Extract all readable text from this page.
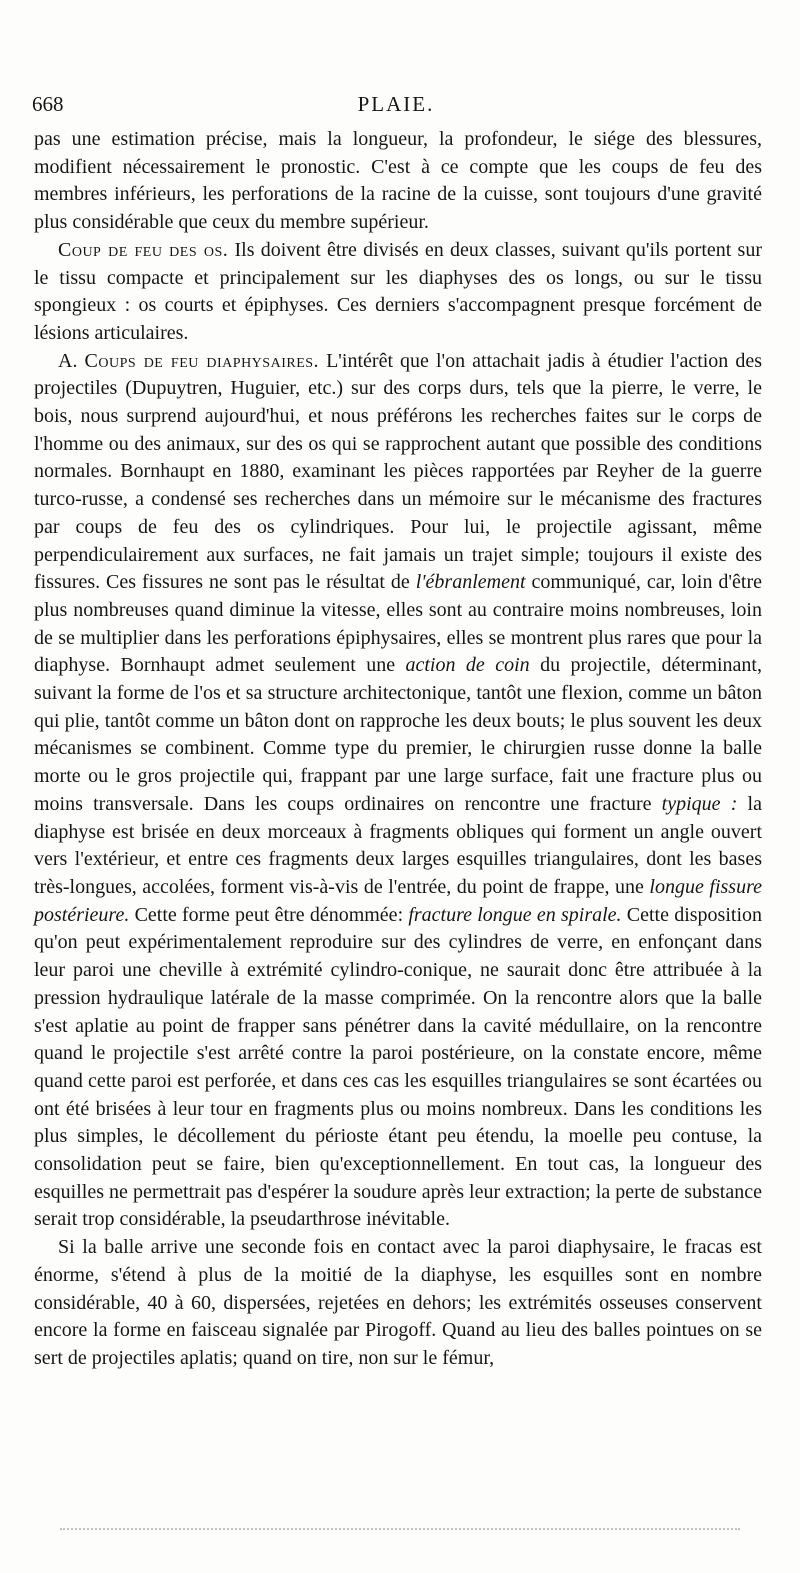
668	PLAIE.

pas une estimation précise, mais la longueur, la profondeur, le siége des blessures, modifient nécessairement le pronostic. C'est à ce compte que les coups de feu des membres inférieurs, les perforations de la racine de la cuisse, sont toujours d'une gravité plus considérable que ceux du membre supérieur.

Coup de feu des os. Ils doivent être divisés en deux classes, suivant qu'ils portent sur le tissu compacte et principalement sur les diaphyses des os longs, ou sur le tissu spongieux : os courts et épiphyses. Ces derniers s'accompagnent presque forcément de lésions articulaires.

A. Coups de feu diaphysaires. L'intérêt que l'on attachait jadis à étudier l'action des projectiles (Dupuytren, Huguier, etc.) sur des corps durs, tels que la pierre, le verre, le bois, nous surprend aujourd'hui, et nous préférons les recherches faites sur le corps de l'homme ou des animaux, sur des os qui se rapprochent autant que possible des conditions normales. Bornhaupt en 1880, examinant les pièces rapportées par Reyher de la guerre turco-russe, a condensé ses recherches dans un mémoire sur le mécanisme des fractures par coups de feu des os cylindriques. Pour lui, le projectile agissant, même perpendiculairement aux surfaces, ne fait jamais un trajet simple; toujours il existe des fissures. Ces fissures ne sont pas le résultat de l'ébranlement communiqué, car, loin d'être plus nombreuses quand diminue la vitesse, elles sont au contraire moins nombreuses, loin de se multiplier dans les perforations épiphysaires, elles se montrent plus rares que pour la diaphyse. Bornhaupt admet seulement une action de coin du projectile, déterminant, suivant la forme de l'os et sa structure architectonique, tantôt une flexion, comme un bâton qui plie, tantôt comme un bâton dont on rapproche les deux bouts; le plus souvent les deux mécanismes se combinent. Comme type du premier, le chirurgien russe donne la balle morte ou le gros projectile qui, frappant par une large surface, fait une fracture plus ou moins transversale. Dans les coups ordinaires on rencontre une fracture typique : la diaphyse est brisée en deux morceaux à fragments obliques qui forment un angle ouvert vers l'extérieur, et entre ces fragments deux larges esquilles triangulaires, dont les bases très-longues, accolées, forment vis-à-vis de l'entrée, du point de frappe, une longue fissure postérieure. Cette forme peut être dénommée: fracture longue en spirale. Cette disposition qu'on peut expérimentalement reproduire sur des cylindres de verre, en enfonçant dans leur paroi une cheville à extrémité cylindro-conique, ne saurait donc être attribuée à la pression hydraulique latérale de la masse comprimée. On la rencontre alors que la balle s'est aplatie au point de frapper sans pénétrer dans la cavité médullaire, on la rencontre quand le projectile s'est arrêté contre la paroi postérieure, on la constate encore, même quand cette paroi est perforée, et dans ces cas les esquilles triangulaires se sont écartées ou ont été brisées à leur tour en fragments plus ou moins nombreux. Dans les conditions les plus simples, le décollement du périoste étant peu étendu, la moelle peu contuse, la consolidation peut se faire, bien qu'exceptionnellement. En tout cas, la longueur des esquilles ne permettrait pas d'espérer la soudure après leur extraction; la perte de substance serait trop considérable, la pseudarthrose inévitable.

Si la balle arrive une seconde fois en contact avec la paroi diaphysaire, le fracas est énorme, s'étend à plus de la moitié de la diaphyse, les esquilles sont en nombre considérable, 40 à 60, dispersées, rejetées en dehors; les extrémités osseuses conservent encore la forme en faisceau signalée par Pirogoff. Quand au lieu des balles pointues on se sert de projectiles aplatis; quand on tire, non sur le fémur,
